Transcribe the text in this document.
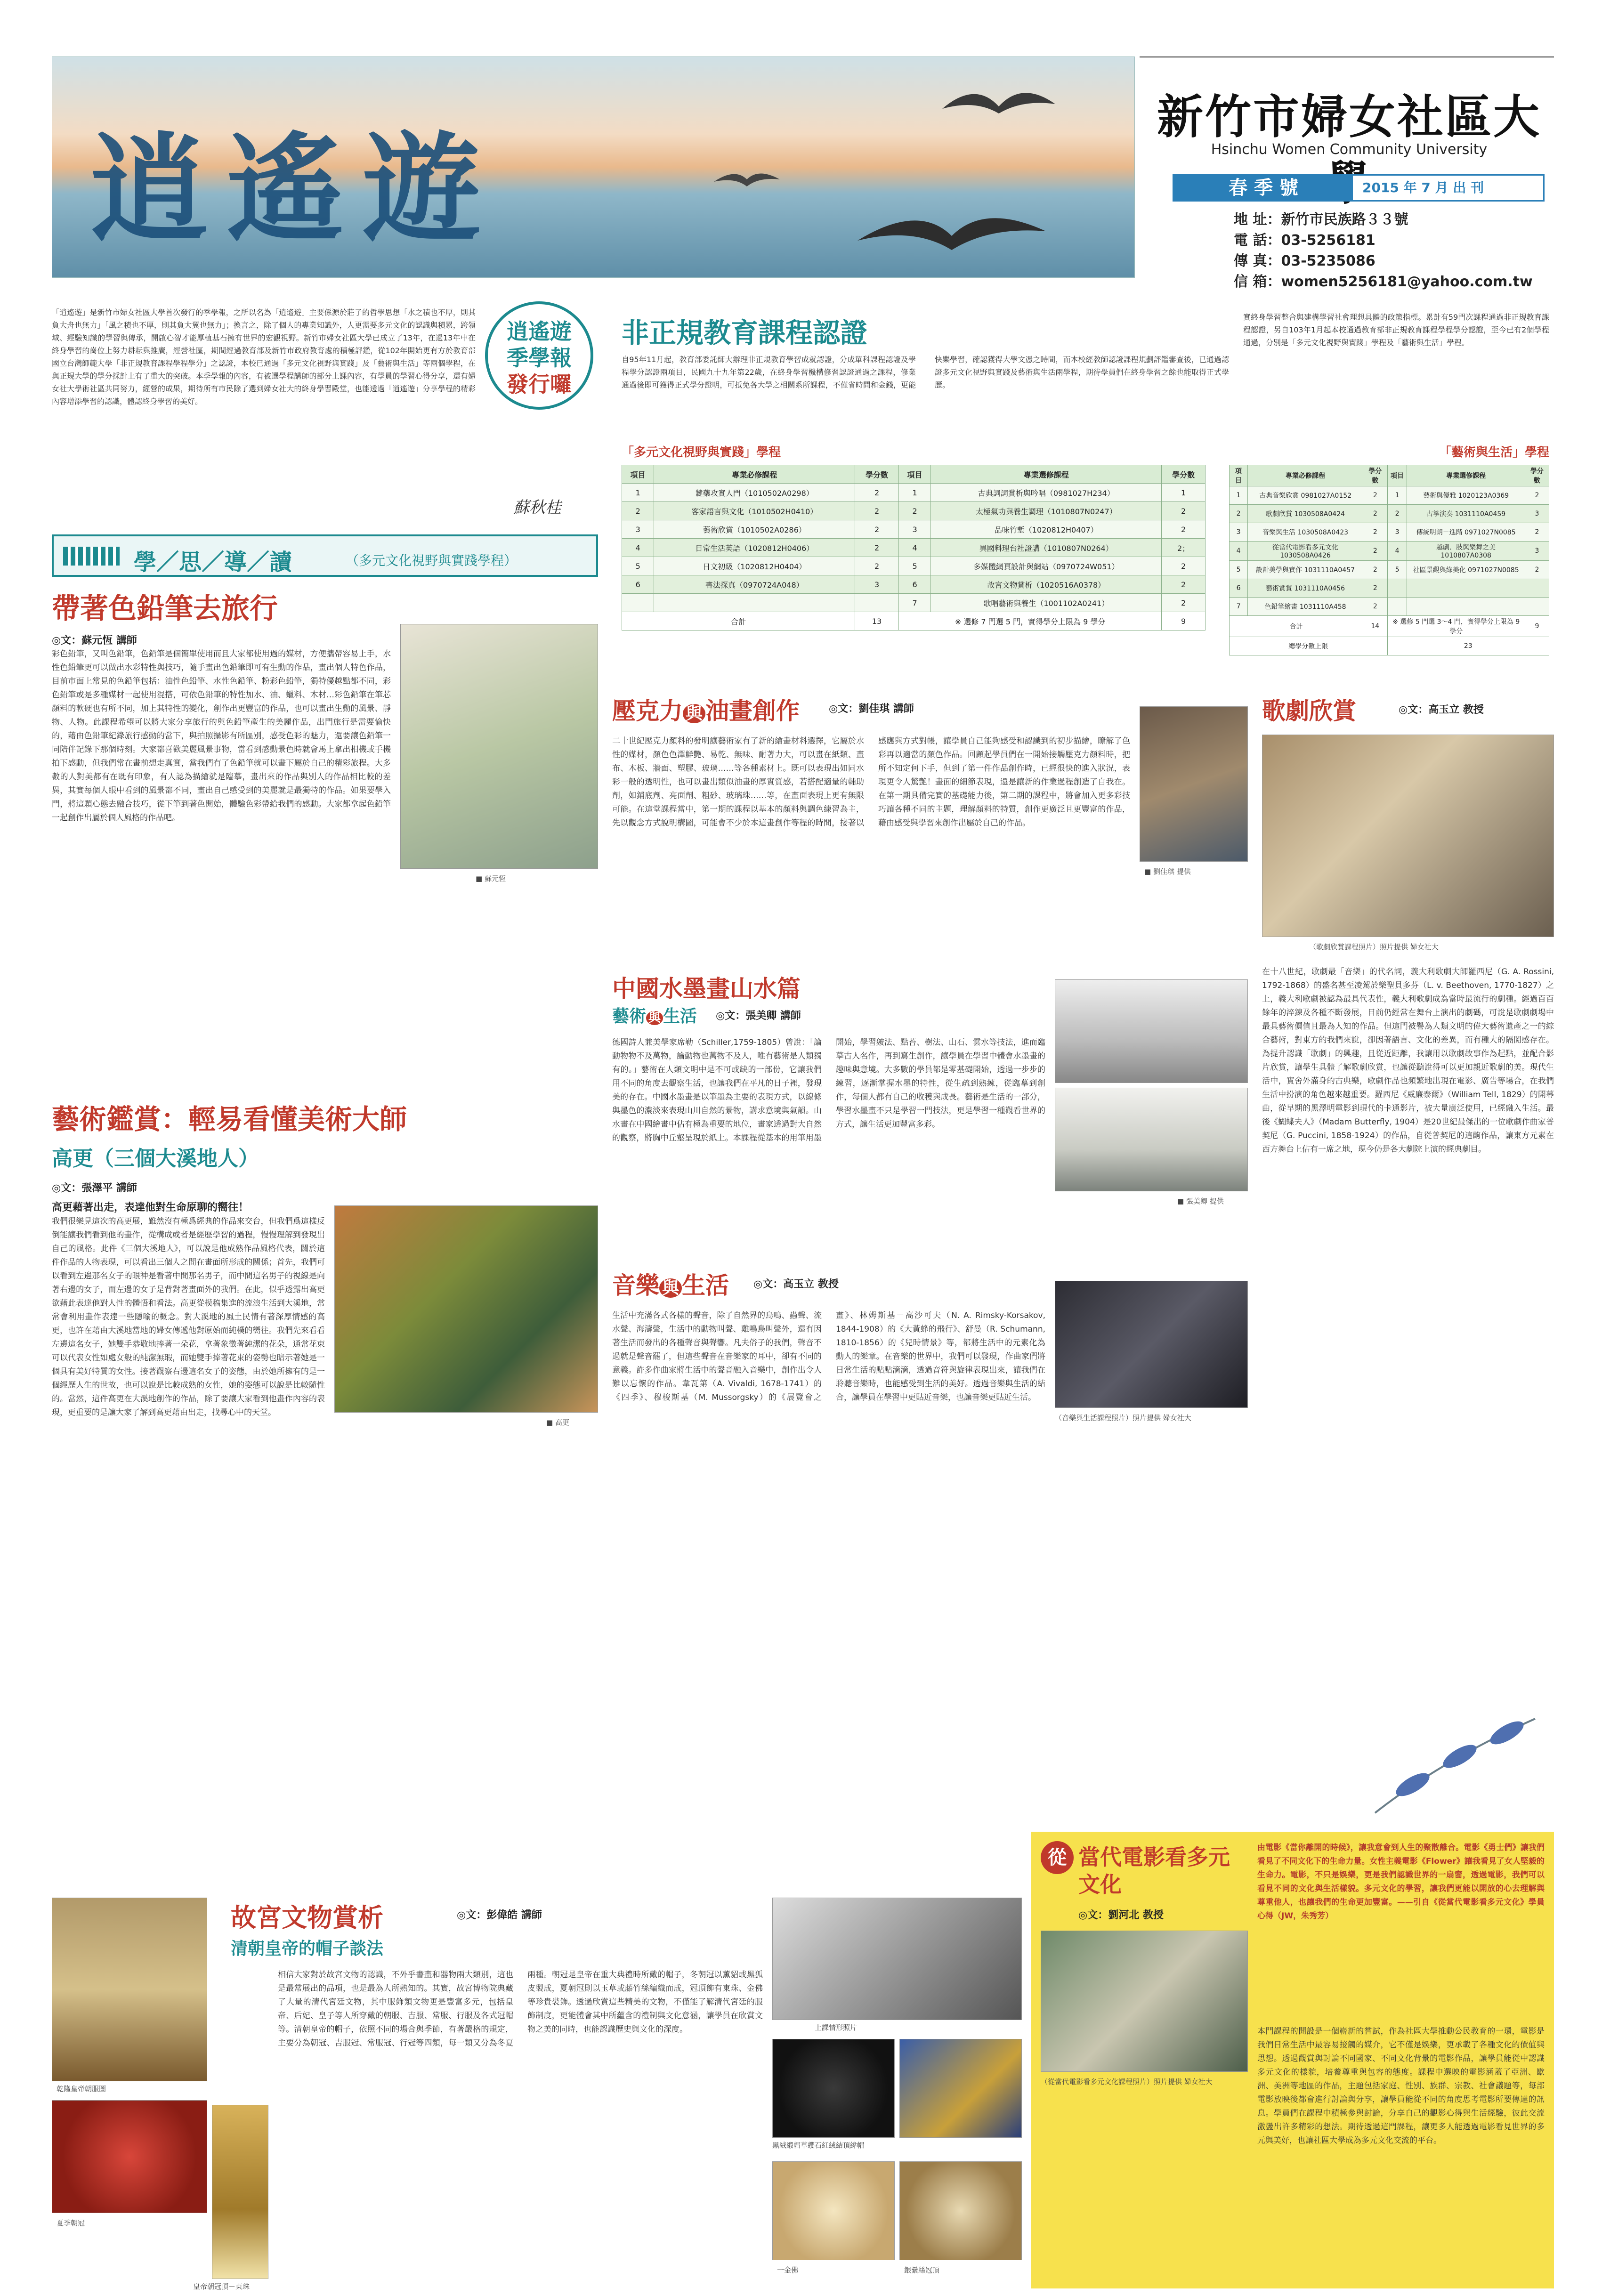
逍遙遊
新竹市婦女社區大
Hsinchu Women Community University
春 季 號	2015 年 7 月 出 刊
地 址：新竹市民族路３３號
電 話：03-5256181
傳 真：03-5235086
信 箱：women5256181@yahoo.com.tw
「逍遙遊」是新竹市婦女社區大學首次發行的季學報，之所以名為「逍遙遊」主要係源於莊子的哲學思想「水之積也不厚，則其負大舟也無力」「風之積也不厚，則其負大翼也無力」；換言之，除了個人的專業知識外，人更需要多元文化的認識與積累，跨領域、經驗知識的學習與傳承，開啟心智才能厚植基石擁有世界的宏觀視野。新竹市婦女社區大學已成立了13年，在過13年中在終身學習的崗位上努力耕耘與推廣，經營社區，期間經過教育部及新竹市政府教育處的積極評鑑，從102年開始更有方於教育部國立台灣師範大學「非正規教育課程學程學分」之認證，本校已通過「多元文化視野與實踐」及「藝術與生活」等兩個學程，在與正規大學的學分採計上有了重大的突破。本季學報的內容，有被選學程講師的部分上課內容，有學員的學習心得分享，還有婦女社大學術社區共同努力，經營的成果，期待所有市民除了選到婦女社大的終身學習殿堂，也能透過「逍遙遊」分享學程的精彩內容增添學習的認識，體認終身學習的美好。
逍遙遊
季學報
發行囉
蘇秋桂
學／思／導／讀	（多元文化視野與實踐學程）
帶著色鉛筆去旅行
◎文：蘇元恆 講師
彩色鉛筆，又叫色鉛筆，色鉛筆是個簡單使用而且大家都使用過的媒材，方便攜帶容易上手，水性色鉛筆更可以做出水彩特性與技巧，隨手畫出色鉛筆即可有生動的作品，畫出個人特色作品，目前市面上常見的色鉛筆包括：油性色鉛筆、水性色鉛筆、粉彩色鉛筆，獨特優越點都不同，彩色鉛筆或是多種媒材一起使用混搭，可依色鉛筆的特性加水、油、蠟料、木材…彩色鉛筆在筆芯顏料的軟硬也有所不同，加上其特性的變化，創作出更豐富的作品，也可以畫出生動的風景、靜物、人物。此課程希望可以將大家分享旅行的與色鉛筆產生的美麗作品，出門旅行是需要愉快的，藉由色鉛筆紀錄旅行感動的當下，與拍照攝影有所區別，感受色彩的魅力，還要讓色鉛筆一同陪伴記錄下那個時刻。大家都喜歡美麗風景事物，當看到感動景色時就會馬上拿出相機或手機拍下感動，但我們常在畫前想走真實，當我們有了色鉛筆就可以畫下屬於自己的精彩旅程。大多數的人對美都有在既有印象，有人認為描繪就是臨摹，畫出來的作品與別人的作品相比較的差異，其實每個人眼中看到的風景都不同，畫出自己感受到的美麗就是最獨特的作品。如果要學入門，將這顆心態去融合技巧，從下筆到著色開始，體驗色彩帶給我們的感動。大家都拿起色鉛筆一起創作出屬於個人風格的作品吧。
■ 蘇元恆
藝術鑑賞：輕易看懂美術大師
高更（三個大溪地人）
◎文：張澤平 講師
高更藉著出走，表達他對生命原聊的嚮往！
我們很樂見這次的高更展，雖然沒有極爲經典的作品來交台，但我們爲這樣反倒能讓我們看到他的畫作，從構成或者是經歷學習的過程，慢慢理解到發現出自己的風格。此件《三個大溪地人》，可以說是他成熟作品風格代表，關於這件作品的人物表現，可以看出三個人之間在畫面所形成的關係；首先，我們可以看到左邊那名女子的眼神是看著中間那名男子，而中間這名男子的視線是向著右邊的女子，而左邊的女子是背對著畫面外的我們。在此，似乎透露出高更欲藉此表達他對人性的體悟和看法。高更從模稿集進的流浪生活到大溪地，常常會利用畫作表達一些隱喻的概念。對大溪地的風土民情有著深厚情感的高更，也許在藉由大溪地當地的婦女傳遞他對原始而純樸的嚮往。我們先來看看左邊這名女子，她雙手恭敬地捧著一朵花，拿著象徵著純潔的花朵，通常花束可以代表女性如處女般的純潔無瑕，而她雙手捧著花束的姿勢也暗示著她是一個具有美好特質的女性。接著觀察右邊這名女子的姿態，由於她所擁有的是一個經歷人生的世故，也可以說是比較成熟的女性，她的姿態可以說是比較隨性的。當然，這件高更在大溪地創作的作品，除了要讓大家看到他畫作內容的表現，更重要的是讓大家了解到高更藉由出走，找尋心中的天堂。
■ 高更
非正規教育課程認證
自95年11月起，教育部委託師大辦理非正規教育學習成就認證，分成單科課程認證及學程學分認證兩項目，民國九十九年第22歲，在終身學習機構修習認證通過之課程，修業通過後即可獲得正式學分證明，可抵免各大學之相關系所課程，不僅省時間和金錢，更能快樂學習，確認獲得大學文憑之時間，而本校經教師認證課程規劃評鑑審查後，已通過認證多元文化視野與實踐及藝術與生活兩學程，期待學員們在終身學習之餘也能取得正式學歷。
實終身學習整合與建構學習社會理想具體的政策指標。累計有59門次課程通過非正規教育課程認證，另自103年1月起本校通過教育部非正規教育課程學程學分認證，至今已有2個學程通過，分別是「多元文化視野與實踐」學程及「藝術與生活」學程。
「多元文化視野與實踐」學程
項目	專業必修課程	學分數	項目	專業選修課程	學分數
1	鍵藥攻實人門（1010502A0298）	2	1	古典詞詞賞析與吟唱（0981027H234）	1
2	客家語言與文化（1010502H0410）	2	2	太極氣功與養生調理（1010807N0247）	2
3	藝術欣賞（1010502A0286）	2	3	品味竹塹（1020812H0407）	2
4	日常生活英語（1020812H0406）	2	4	異國料理台社證講（1010807N0264）	2；
5	日文初級（1020812H0404）	2	5	多媒體網頁設計與網站（0970724W051）	2
6	書法探真（0970724A048）	3	6	故宮文物賞析（1020516A0378）	2
			7	歌唱藝術與養生（1001102A0241）	2
合計		13	※ 選修 7 門選 5 門，實得學分上限為 9 學分		9
「藝術與生活」學程
項目	專業必修課程	學分數	項目	專業選修課程	學分數
1	古典音樂欣賞 0981027A0152	2	1	藝術與優雅 1020123A0369	2
2	歌劇欣賞 1030508A0424	2	2	古箏演奏 1031110A0459	3
3	音樂與生活 1030508A0423	2	3	傳統明朗－進階 0971027N0085	2
4	從當代電影看多元文化 1030508A0426	2	4	越劇．肢與樂舞之美 1010807A0308	3
5	設計美學與實作 1031110A0457	2	5	社區景觀與綠美化 0971027N0085	2
6	藝術賞賞 1031110A0456	2			
7	色鉛筆繪畫 1031110A458	2			
合計		14	※ 選修 5 門選 3～4 門，實得學分上限為 9 學分		9
總學分數上限			23		
壓克力 與 油畫創作	◎文：劉佳琪 講師
二十世紀壓克力顏料的發明讓藝術家有了新的繪畫材料選擇，它屬於水性的媒材，顏色色澤鮮艷、易乾、無味、耐著力大，可以畫在紙類、畫布、木板、牆面、塑膠、玻璃……等各種素材上。既可以表現出如同水彩一般的透明性，也可以畫出類似油畫的厚實質感，若搭配適量的輔助劑，如鋪底劑、亮面劑、粗砂、玻璃珠……等，在畫面表現上更有無限可能。在這堂課程當中，第一期的課程以基本的顏料與調色練習為主，先以觀念方式說明構圖，可能會不少於本這畫創作等程的時間，接著以感應與方式對帳，讓學員自己能夠感受和認識到的初步描繪，瞭解了色彩再以適當的顏色作品。回顧起學員們在一開始接觸壓克力顏料時，把所不知定何下手，但到了第一件作品創作時，已經很快的進入狀況，表現更令人驚艷！畫面的細節表現，還是讓新的作業過程創造了自我在。在第一期具備完實的基礎能力後，第二期的課程中，將會加入更多彩技巧讓各種不同的主題，理解顏料的特質，創作更廣泛且更豐富的作品，藉由感受與學習來創作出屬於自己的作品。
■ 劉佳琪 提供
歌劇欣賞	◎文：高玉立 教授
（歌劇欣賞課程照片）照片提供 婦女社大
在十八世紀，歌劇最「音樂」的代名詞，義大利歌劇大師羅西尼（G. A. Rossini, 1792-1868）的盛名甚至凌駕於樂聖貝多芬（L. v. Beethoven, 1770-1827）之上，義大利歌劇被認為最具代表性，義大利歌劇成為當時最流行的劇種。經過百百餘年的淬鍊及各種不斷發展，目前仍經常在舞台上演出的劇碼，可說是歌劇劇場中最具藝術價值且最為人知的作品。但這門被譽為人類文明的偉大藝術遺產之一的綜合藝術，對東方的我們來說，卻因著語言、文化的差異，而有種大的隔閡感存在。為提升認識「歌劇」的興趣，且從近距離，我讓用以歌劇故事作為起點，並配合影片欣賞，讓學生具體了解歌劇欣賞，也讓從聽說得可以更加親近歌劇的美。現代生活中，實舍外滿身的古典樂，歌劇作品也頻繁地出現在電影、廣告等場合，在我們生活中扮演的角色越來越重要。羅西尼《威廉泰爾》（William Tell, 1829）的開幕曲，從早期的黑澤明電影到現代的卡通影片，被大量廣泛使用，已經融入生活。最後《蝴蝶夫人》（Madam Butterfly, 1904）是20世紀最傑出的一位歌劇作曲家普契尼（G. Puccini, 1858-1924）的作品，自從普契尼的這齣作品，讓東方元素在西方舞台上佔有一席之地，現今仍是各大劇院上演的經典劇目。
中國水墨畫山水篇
藝術 與 生活 ◎文：張美卿 講師
德國詩人兼美學家席勒（Schiller,1759-1805）曾說：「論動物物不及萬物，論動物也萬物不及人，唯有藝術是人類獨有的。」藝術在人類文明中是不可或缺的一部份，它讓我們用不同的角度去觀察生活，也讓我們在平凡的日子裡，發現美的存在。中國水墨畫是以筆墨為主要的表現方式，以線條與墨色的濃淡來表現山川自然的景物，講求意境與氣韻。山水畫在中國繪畫中佔有極為重要的地位，畫家透過對大自然的觀察，將胸中丘壑呈現於紙上。本課程從基本的用筆用墨開始，學習皴法、點苔、樹法、山石、雲水等技法，進而臨摹古人名作，再到寫生創作，讓學員在學習中體會水墨畫的趣味與意境。大多數的學員都是零基礎開始，透過一步步的練習，逐漸掌握水墨的特性，從生疏到熟練，從臨摹到創作，每個人都有自己的收穫與成長。藝術是生活的一部分，學習水墨畫不只是學習一門技法，更是學習一種觀看世界的方式，讓生活更加豐富多彩。
■ 張美卿 提供
音樂 與 生活 ◎文：高玉立 教授
生活中充滿各式各樣的聲音，除了自然界的鳥鳴、蟲聲、流水聲、海濤聲，生活中的動物叫聲、雞鳴鳥叫聲外，還有因著生活而發出的各種聲音與聲響。凡夫俗子的我們，聲音不過就是聲音罷了，但這些聲音在音樂家的耳中，卻有不同的意義。許多作曲家將生活中的聲音融入音樂中，創作出令人難以忘懷的作品。韋瓦第（A. Vivaldi, 1678-1741）的《四季》、穆梭斯基（M. Mussorgsky）的《展覽會之畫》、林姆斯基－高沙可夫（N. A. Rimsky-Korsakov, 1844-1908）的《大黃蜂的飛行》、舒曼（R. Schumann, 1810-1856）的《兒時情景》等，都將生活中的元素化為動人的樂章。在音樂的世界中，我們可以發現，作曲家們將日常生活的點點滴滴，透過音符與旋律表現出來，讓我們在聆聽音樂時，也能感受到生活的美好。透過音樂與生活的結合，讓學員在學習中更貼近音樂，也讓音樂更貼近生活。
（音樂與生活課程照片）照片提供 婦女社大
乾隆皇帝朝服圖
夏季朝冠
皇帝朝冠頂－東珠
故宮文物賞析
清朝皇帝的帽子談法
◎文：彭偉皓 講師
相信大家對於故宮文物的認識，不外乎書畫和器物兩大類別，這也是最常展出的品項，也是最為人所熟知的。其實，故宮博物院典藏了大量的清代宮廷文物，其中服飾類文物更是豐富多元，包括皇帝、后妃、皇子等人所穿戴的朝服、吉服、常服、行服及各式冠帽等。清朝皇帝的帽子，依照不同的場合與季節，有著嚴格的規定，主要分為朝冠、吉服冠、常服冠、行冠等四類，每一類又分為冬夏兩種。朝冠是皇帝在重大典禮時所戴的帽子，冬朝冠以薰貂或黑狐皮製成，夏朝冠則以玉草或藤竹絲編織而成，冠頂飾有東珠、金佛等珍貴裝飾。透過欣賞這些精美的文物，不僅能了解清代宮廷的服飾制度，更能體會其中所蘊含的禮制與文化意涵，讓學員在欣賞文物之美的同時，也能認識歷史與文化的深度。	上課情形照片
黑絨緞帽草纓石紅絨結頂緯帽
一金佛	銀纍絲冠頂
從 當代電影看多元文化
◎文：劉河北 教授
由電影《當你離開的時候》，讓我意會到人生的聚散離合。電影《勇士們》讓我們看見了不同文化下的生命力量。女性主義電影《Flower》讓我看見了女人堅毅的生命力。電影，不只是娛樂，更是我們認識世界的一扇窗，透過電影，我們可以看見不同的文化與生活樣貌。多元文化的學習，讓我們更能以開放的心去理解與尊重他人，也讓我們的生命更加豐富。——引自《從當代電影看多元文化》學員心得（JW，朱秀芳）
（從當代電影看多元文化課程照片）照片提供 婦女社大
本門課程的開設是一個嶄新的嘗試，作為社區大學推動公民教育的一環，電影是我們日常生活中最容易接觸的媒介，它不僅是娛樂，更承載了各種文化的價值與思想。透過觀賞與討論不同國家、不同文化背景的電影作品，讓學員能從中認識多元文化的樣貌，培養尊重與包容的態度。課程中選映的電影涵蓋了亞洲、歐洲、美洲等地區的作品，主題包括家庭、性別、族群、宗教、社會議題等，每部電影放映後都會進行討論與分享，讓學員能從不同的角度思考電影所要傳達的訊息。學員們在課程中積極參與討論，分享自己的觀影心得與生活經驗，彼此交流激盪出許多精彩的想法。期待透過這門課程，讓更多人能透過電影看見世界的多元與美好，也讓社區大學成為多元文化交流的平台。
